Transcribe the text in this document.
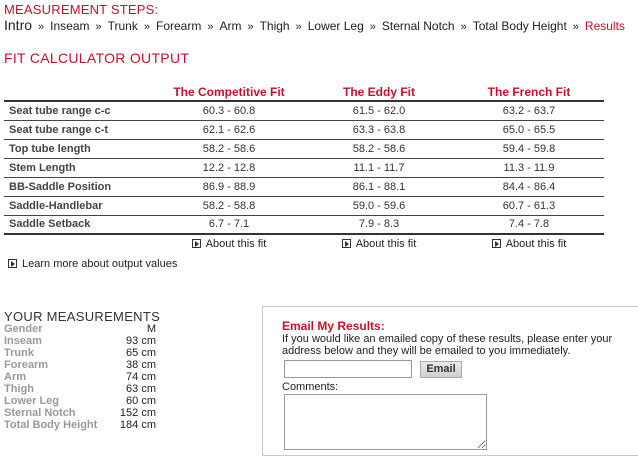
MEASUREMENT STEPS:
Intro » Inseam » Trunk » Forearm » Arm » Thigh » Lower Leg » Sternal Notch » Total Body Height » Results
FIT CALCULATOR OUTPUT
	The Competitive Fit	The Eddy Fit	The French Fit
Seat tube range c-c	60.3 - 60.8	61.5 - 62.0	63.2 - 63.7
Seat tube range c-t	62.1 - 62.6	63.3 - 63.8	65.0 - 65.5
Top tube length	58.2 - 58.6	58.2 - 58.6	59.4 - 59.8
Stem Length	12.2 - 12.8	11.1 - 11.7	11.3 - 11.9
BB-Saddle Position	86.9 - 88.9	86.1 - 88.1	84.4 - 86.4
Saddle-Handlebar	58.2 - 58.8	59.0 - 59.6	60.7 - 61.3
Saddle Setback	6.7 - 7.1	7.9 - 8.3	7.4 - 7.8
	About this fit	About this fit	About this fit
Learn more about output values
YOUR MEASUREMENTS
Gender	M
Inseam	93 cm
Trunk	65 cm
Forearm	38 cm
Arm	74 cm
Thigh	63 cm
Lower Leg	60 cm
Sternal Notch	152 cm
Total Body Height 184 cm
Email My Results:
If you would like an emailed copy of these results, please enter your address below and they will be emailed to you immediately.
Email
Comments:
